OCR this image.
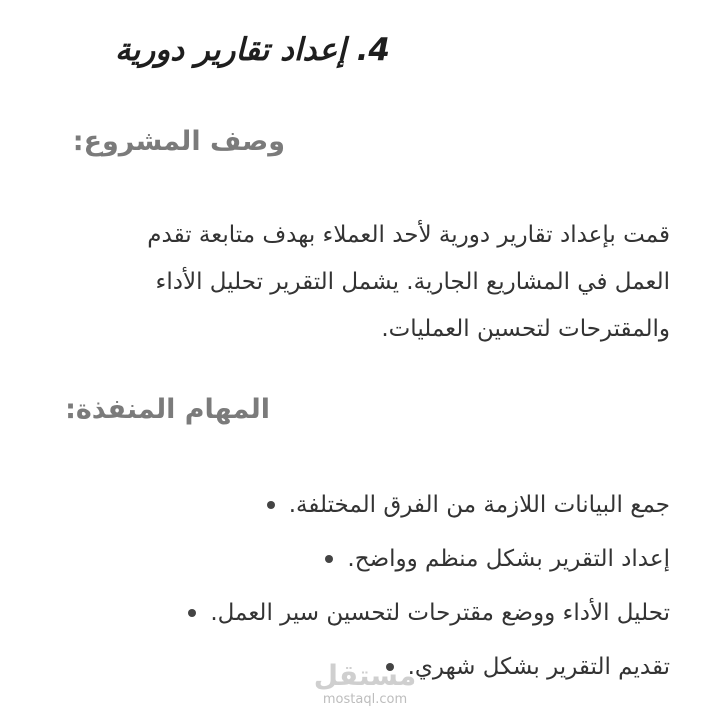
4. إعداد تقارير دورية
وصف المشروع:

قمت بإعداد تقارير دورية لأحد العملاء بهدف متابعة تقدم العمل في المشاريع الجارية. يشمل التقرير تحليل الأداء والمقترحات لتحسين العمليات.

المهام المنفذة:
جمع البيانات اللازمة من الفرق المختلفة.
إعداد التقرير بشكل منظم وواضح.
تحليل الأداء ووضع مقترحات لتحسين سير العمل.
تقديم التقرير بشكل شهري.
مستقل
mostaql.com
